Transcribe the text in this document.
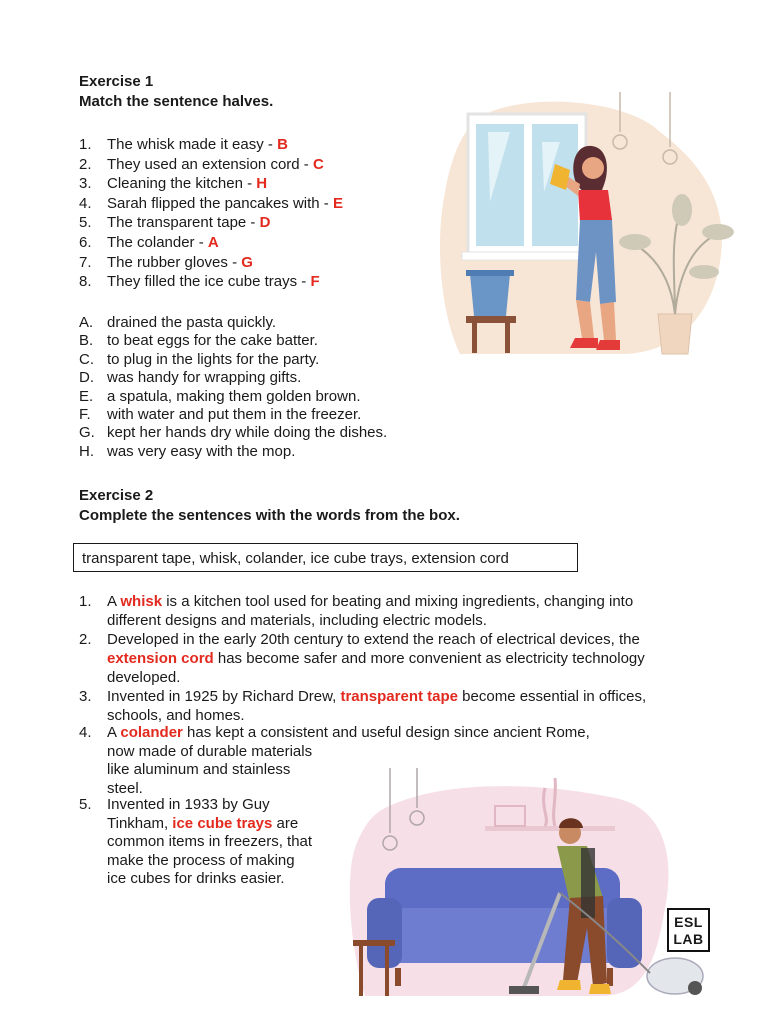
Exercise 1
Match the sentence halves.
1. The whisk made it easy - B
2. They used an extension cord - C
3. Cleaning the kitchen - H
4. Sarah flipped the pancakes with - E
5. The transparent tape - D
6. The colander - A
7. The rubber gloves - G
8. They filled the ice cube trays - F
A. drained the pasta quickly.
B. to beat eggs for the cake batter.
C. to plug in the lights for the party.
D. was handy for wrapping gifts.
E. a spatula, making them golden brown.
F. with water and put them in the freezer.
G. kept her hands dry while doing the dishes.
H. was very easy with the mop.
Exercise 2
Complete the sentences with the words from the box.
transparent tape, whisk, colander, ice cube trays, extension cord
1. A whisk is a kitchen tool used for beating and mixing ingredients, changing into different designs and materials, including electric models.
2. Developed in the early 20th century to extend the reach of electrical devices, the extension cord has become safer and more convenient as electricity technology developed.
3. Invented in 1925 by Richard Drew, transparent tape become essential in offices, schools, and homes.
4.	A colander has kept a consistent and useful design since ancient Rome,
now made of durable materials like aluminum and stainless steel.
5.	Invented in 1933 by Guy Tinkham, ice cube trays are common items in freezers, that make the process of making ice cubes for drinks easier.
ESL
LAB
